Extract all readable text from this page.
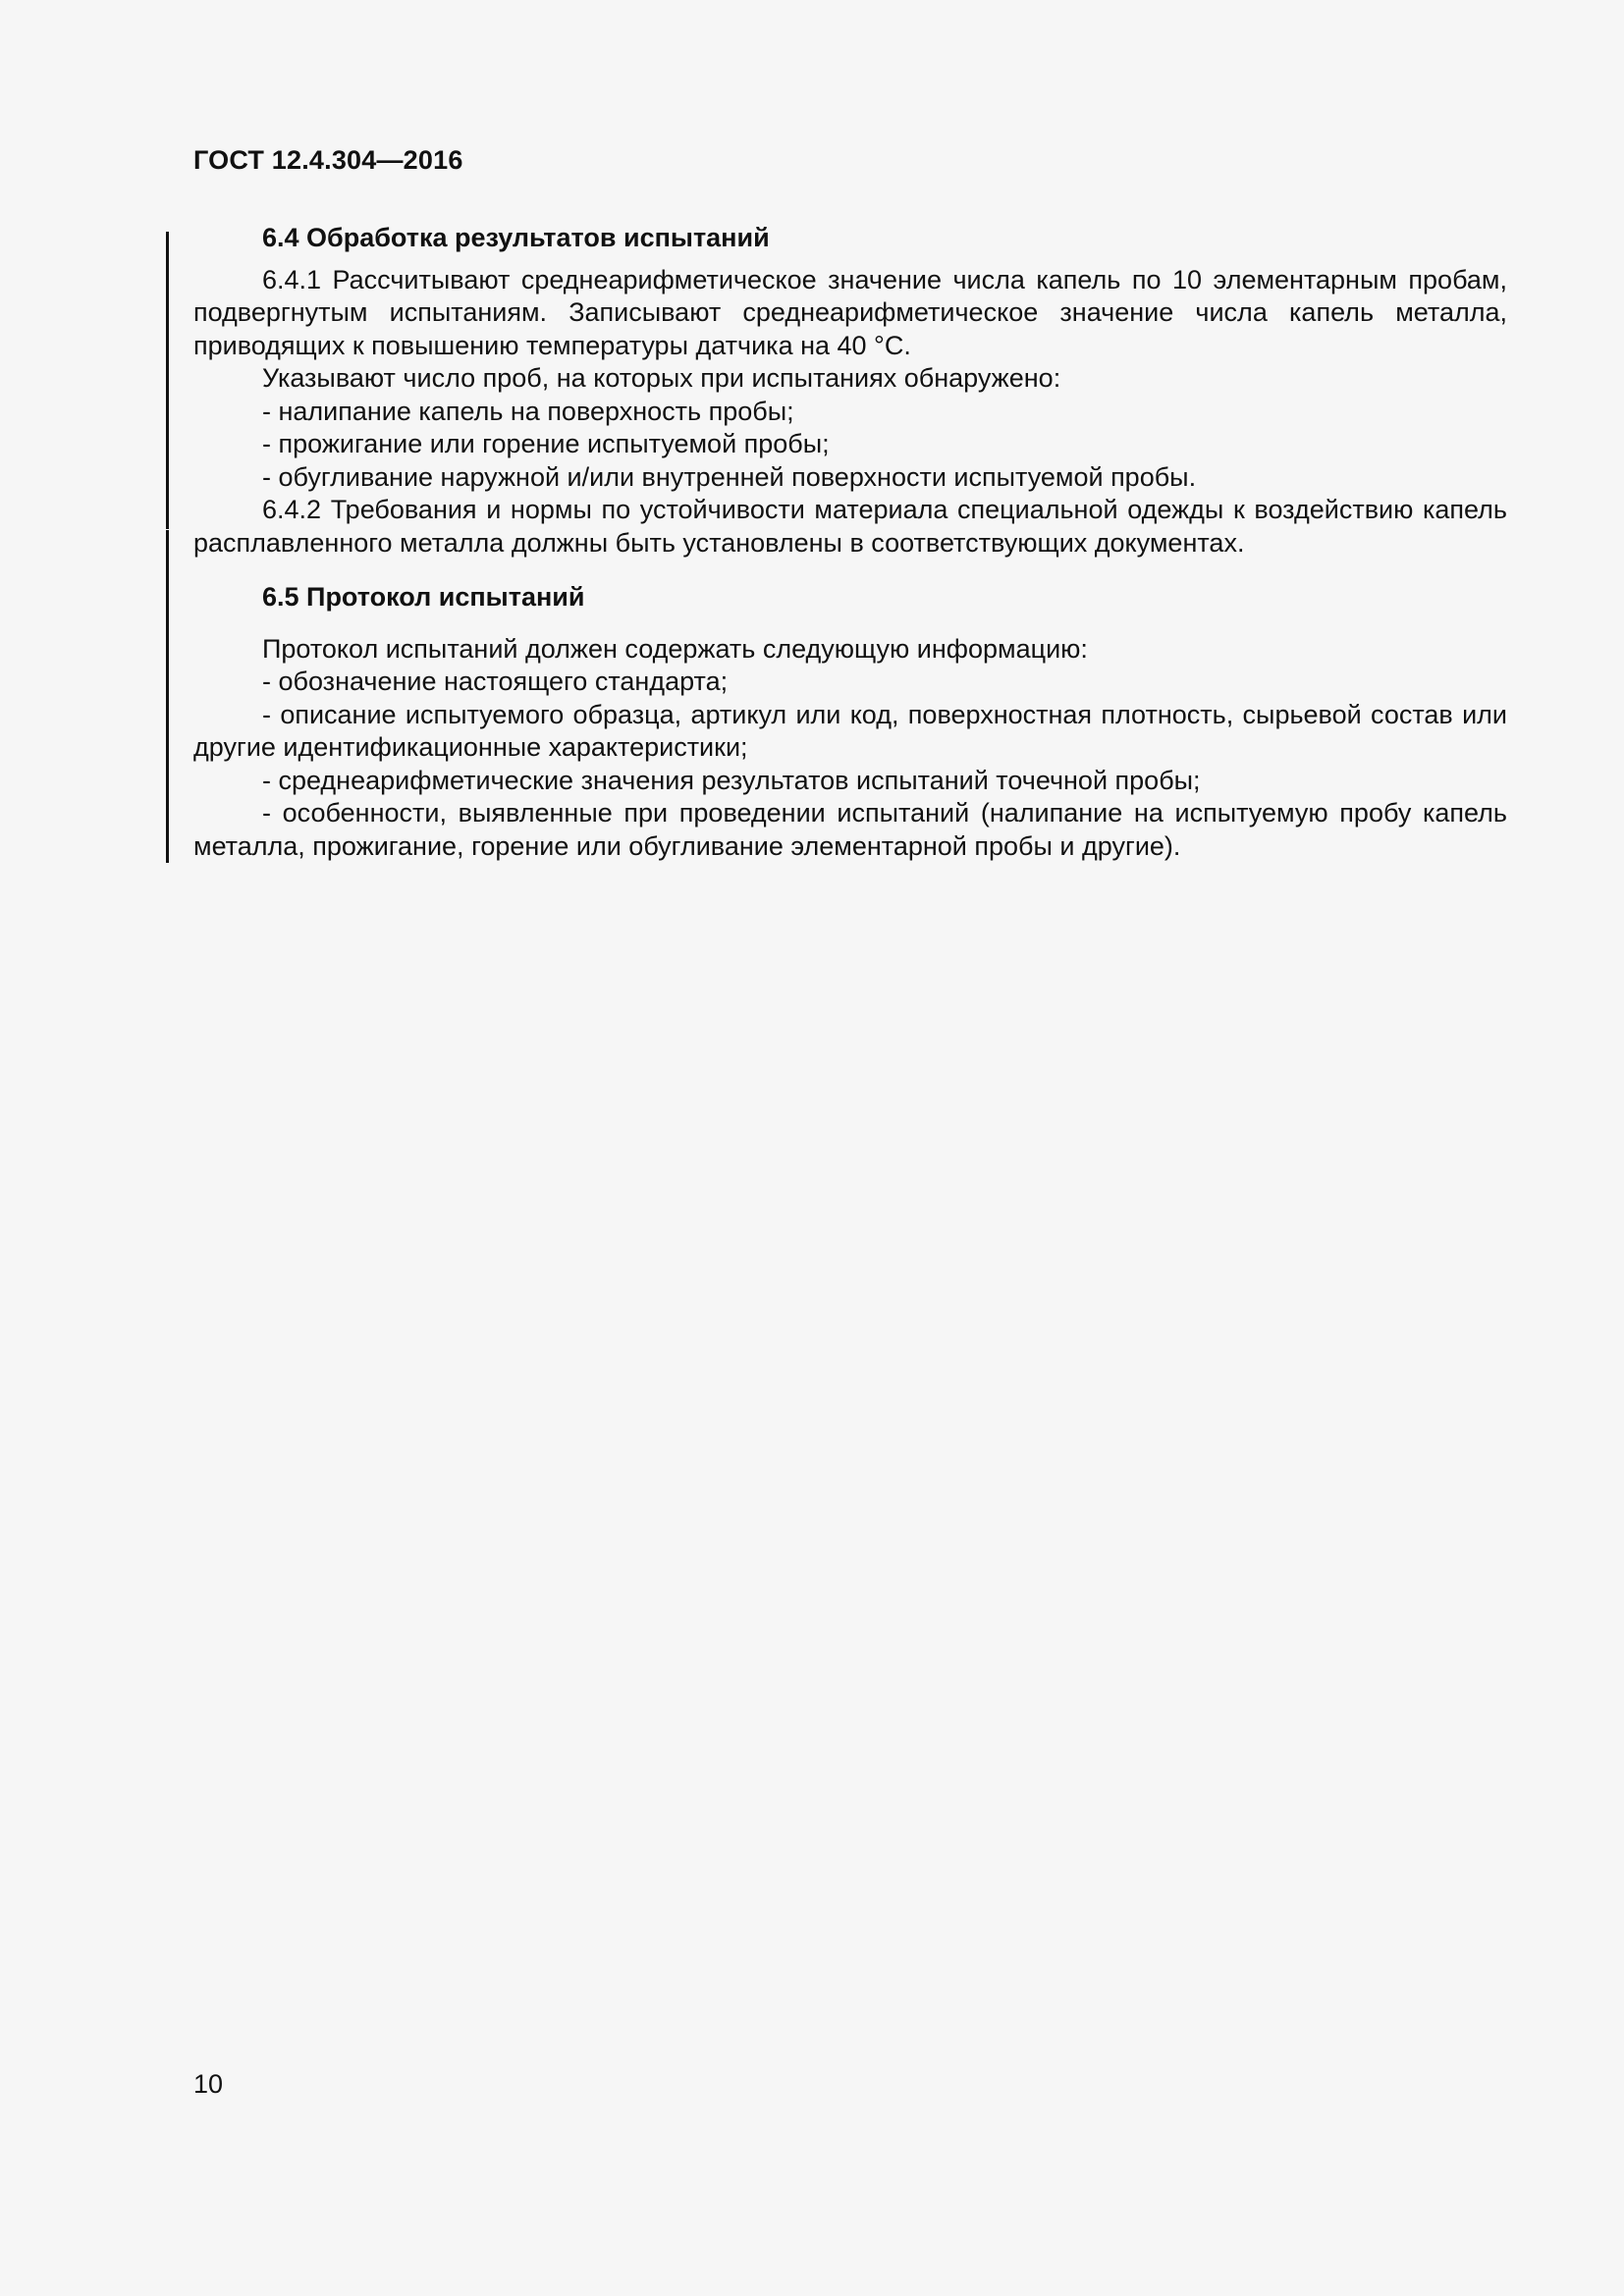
ГОСТ 12.4.304—2016
6.4 Обработка результатов испытаний

6.4.1 Рассчитывают среднеарифметическое значение числа капель по 10 элементарным пробам, подвергнутым испытаниям. Записывают среднеарифметическое значение числа капель металла, приводящих к повышению температуры датчика на 40 °С.

Указывают число проб, на которых при испытаниях обнаружено:

- налипание капель на поверхность пробы;

- прожигание или горение испытуемой пробы;

- обугливание наружной и/или внутренней поверхности испытуемой пробы.

6.4.2 Требования и нормы по устойчивости материала специальной одежды к воздействию капель расплавленного металла должны быть установлены в соответствующих документах.

6.5 Протокол испытаний

Протокол испытаний должен содержать следующую информацию:

- обозначение настоящего стандарта;

- описание испытуемого образца, артикул или код, поверхностная плотность, сырьевой состав или другие идентификационные характеристики;

- среднеарифметические значения результатов испытаний точечной пробы;

- особенности, выявленные при проведении испытаний (налипание на испытуемую пробу капель металла, прожигание, горение или обугливание элементарной пробы и другие).

10
